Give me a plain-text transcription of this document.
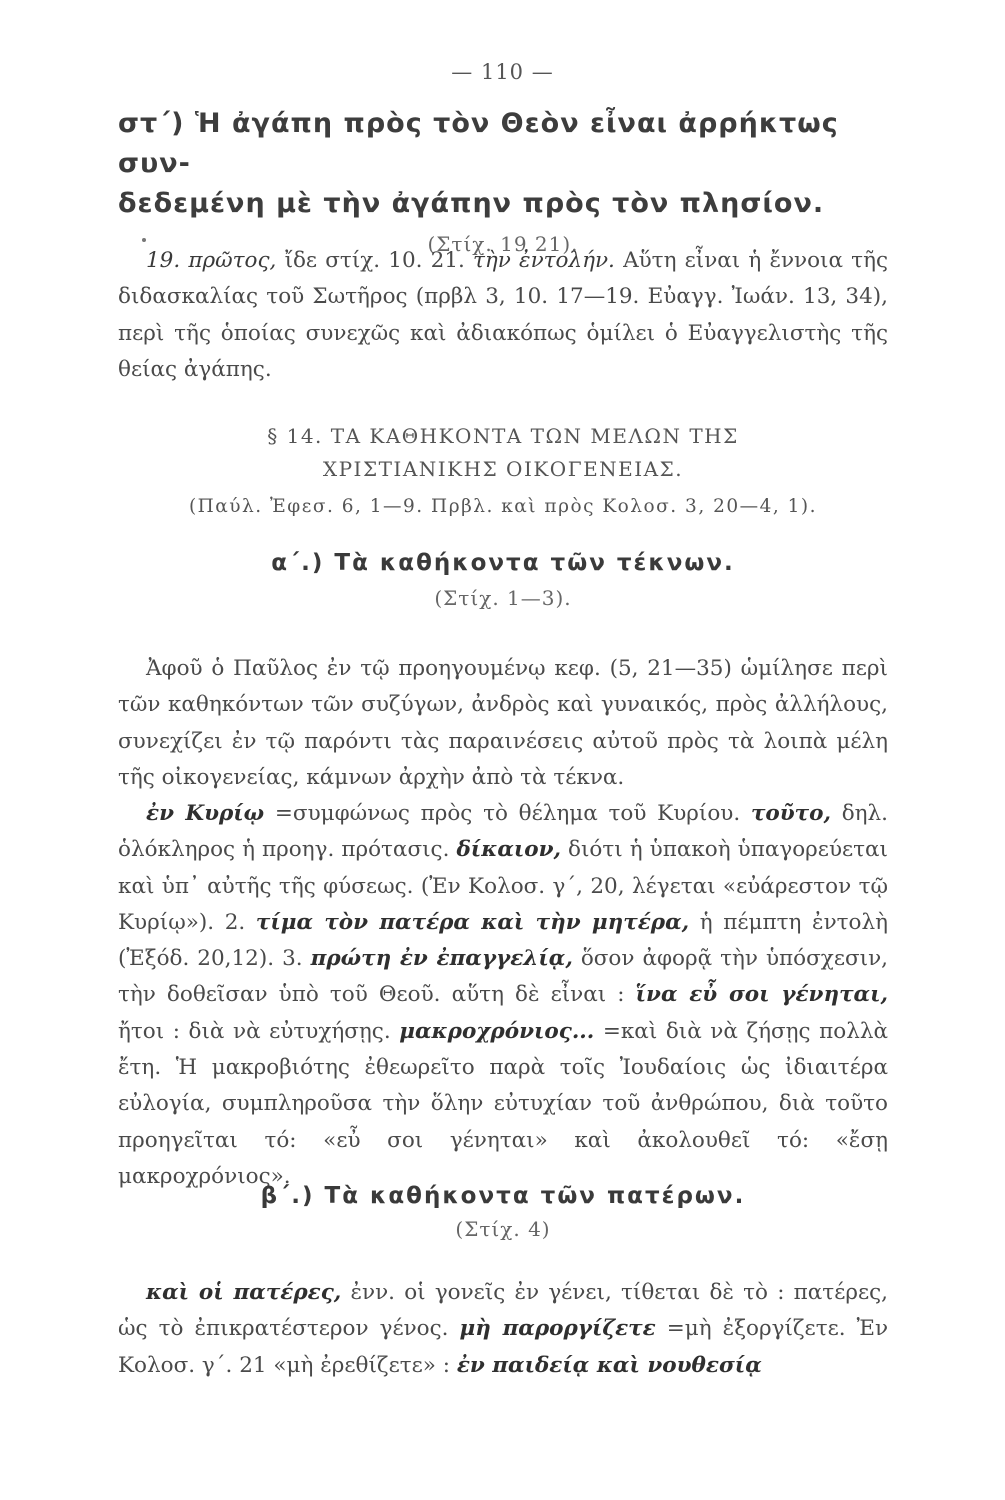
— 110 —
στ΄) Ἡ ἀγάπη πρὸς τὸν Θεὸν εἶναι ἀρρήκτως συν-
δεδεμένη μὲ τὴν ἀγάπην πρὸς τὸν πλησίον.
(Στίχ. 19 21).
19. πρῶτος, ἴδε στίχ. 10. 21. τὴν ἐντολήν. Αὕτη εἶναι ἡ ἔννοια τῆς διδασκαλίας τοῦ Σωτῆρος (πρβλ 3, 10. 17—19. Εὐαγγ. Ἰωάν. 13, 34), περὶ τῆς ὁποίας συνεχῶς καὶ ἀδιακόπως ὁμίλει ὁ Εὐαγγελιστὴς τῆς θείας ἀγάπης.
§ 14. ΤΑ ΚΑΘΗΚΟΝΤΑ ΤΩΝ ΜΕΛΩΝ ΤΗΣ
ΧΡΙΣΤΙΑΝΙΚΗΣ ΟΙΚΟΓΕΝΕΙΑΣ.
(Παύλ. Ἐφεσ. 6, 1—9. Πρβλ. καὶ πρὸς Κολοσ. 3, 20—4, 1).
α΄.) Τὰ καθήκοντα τῶν τέκνων.
(Στίχ. 1—3).
Ἀφοῦ ὁ Παῦλος ἐν τῷ προηγουμένῳ κεφ. (5, 21—35) ὡμίλησε περὶ τῶν καθηκόντων τῶν συζύγων, ἀνδρὸς καὶ γυναικός, πρὸς ἀλλήλους, συνεχίζει ἐν τῷ παρόντι τὰς παραινέσεις αὐτοῦ πρὸς τὰ λοιπὰ μέλη τῆς οἰκογενείας, κάμνων ἀρχὴν ἀπὸ τὰ τέκνα.
ἐν Κυρίῳ =συμφώνως πρὸς τὸ θέλημα τοῦ Κυρίου. τοῦτο, δηλ. ὁλόκληρος ἡ προηγ. πρότασις. δίκαιον, διότι ἡ ὑπακοὴ ὑπαγορεύεται καὶ ὑπ᾿ αὐτῆς τῆς φύσεως. (Ἐν Κολοσ. γ΄, 20, λέγεται «εὐάρεστον τῷ Κυρίῳ»). 2. τίμα τὸν πατέρα καὶ τὴν μητέρα, ἡ πέμπτη ἐντολὴ (Ἐξόδ. 20,12). 3. πρώτη ἐν ἐπαγγελίᾳ, ὅσον ἀφορᾷ τὴν ὑπόσχεσιν, τὴν δοθεῖσαν ὑπὸ τοῦ Θεοῦ. αὕτη δὲ εἶναι : ἵνα εὖ σοι γένηται, ἤτοι : διὰ νὰ εὐτυχήσῃς. μακροχρόνιος... =καὶ διὰ νὰ ζήσῃς πολλὰ ἔτη. Ἡ μακροβιότης ἐθεωρεῖτο παρὰ τοῖς Ἰουδαίοις ὡς ἰδιαιτέρα εὐλογία, συμπληροῦσα τὴν ὅλην εὐτυχίαν τοῦ ἀνθρώπου, διὰ τοῦτο προηγεῖται τό: «εὖ σοι γένηται» καὶ ἀκολουθεῖ τό: «ἔσῃ μακροχρόνιος».
β΄.) Τὰ καθήκοντα τῶν πατέρων.
(Στίχ. 4)
καὶ οἱ πατέρες, ἐνν. οἱ γονεῖς ἐν γένει, τίθεται δὲ τὸ : πατέρες, ὡς τὸ ἐπικρατέστερον γένος. μὴ παροργίζετε =μὴ ἐξοργίζετε. Ἐν Κολοσ. γ΄. 21 «μὴ ἐρεθίζετε» : ἐν παιδείᾳ καὶ νουθεσίᾳ
